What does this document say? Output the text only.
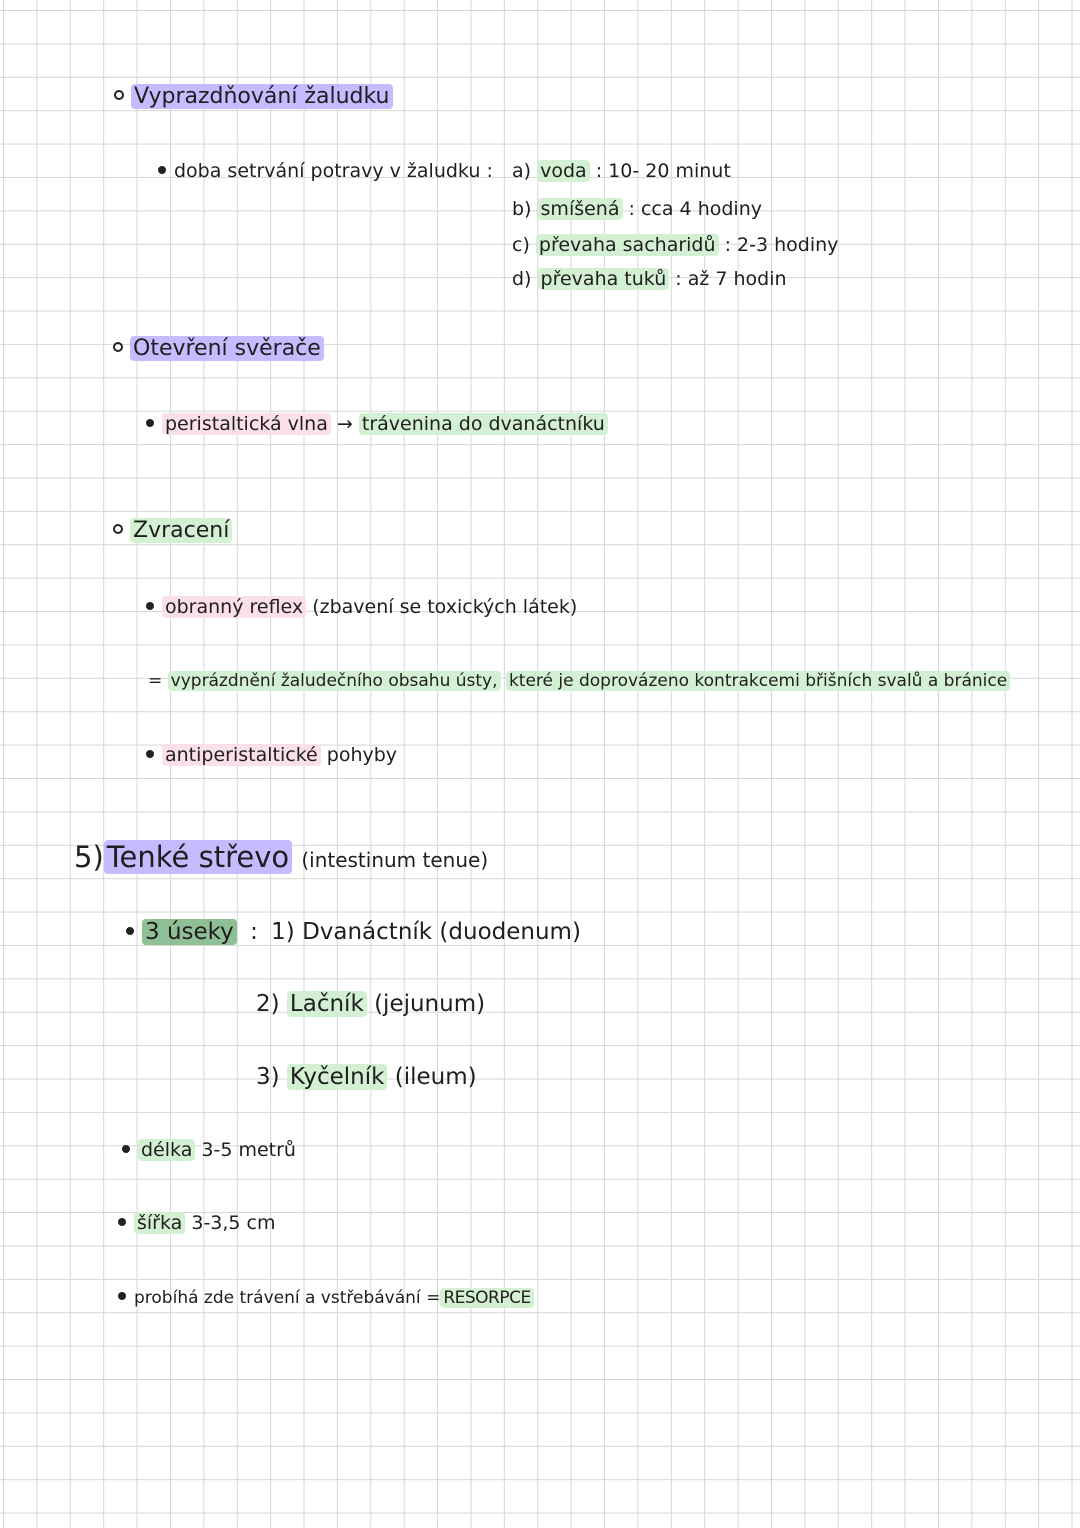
Vyprazdňování žaludku
doba setrvání potravy v žaludku : a) voda : 10- 20 minut
b) smíšená : cca 4 hodiny
c) převaha sacharidů : 2-3 hodiny
d) převaha tuků : až 7 hodin
Otevření svěrače
peristaltická vlna → trávenina do dvanáctníku
Zvracení
obranný reflex (zbavení se toxických látek)
= vyprázdnění žaludečního obsahu ústy, které je doprovázeno kontrakcemi břišních svalů a bránice
antiperistaltické pohyby
5) Tenké střevo (intestinum tenue)
3 úseky : 1) Dvanáctník (duodenum)
2) Lačník (jejunum)
3) Kyčelník (ileum)
délka 3-5 metrů
šířka 3-3,5 cm
probíhá zde trávení a vstřebávání = RESORPCE
